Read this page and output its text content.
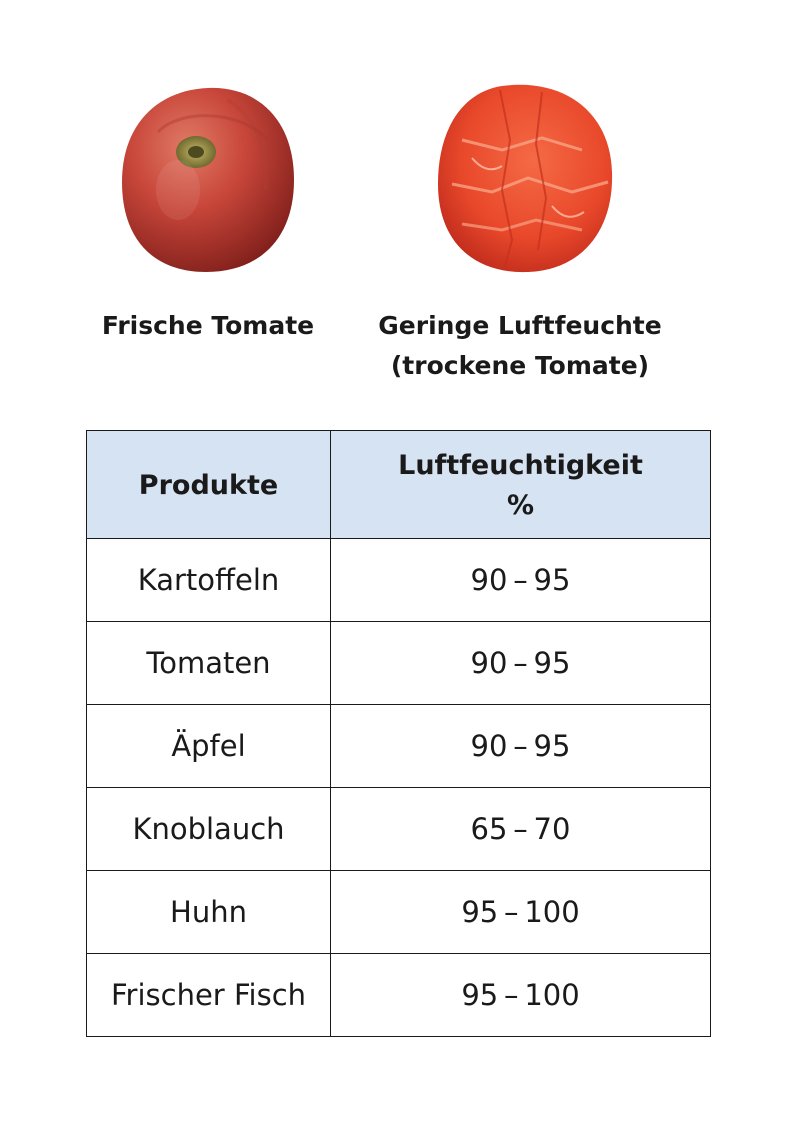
Frische Tomate	Geringe Luftfeuchte
(trockene Tomate)
Produkte	Luftfeuchtigkeit
%

Kartoffeln	90 – 95
Tomaten	90 – 95
Äpfel	90 – 95
Knoblauch	65 – 70
Huhn	95 – 100
Frischer Fisch	95 – 100
